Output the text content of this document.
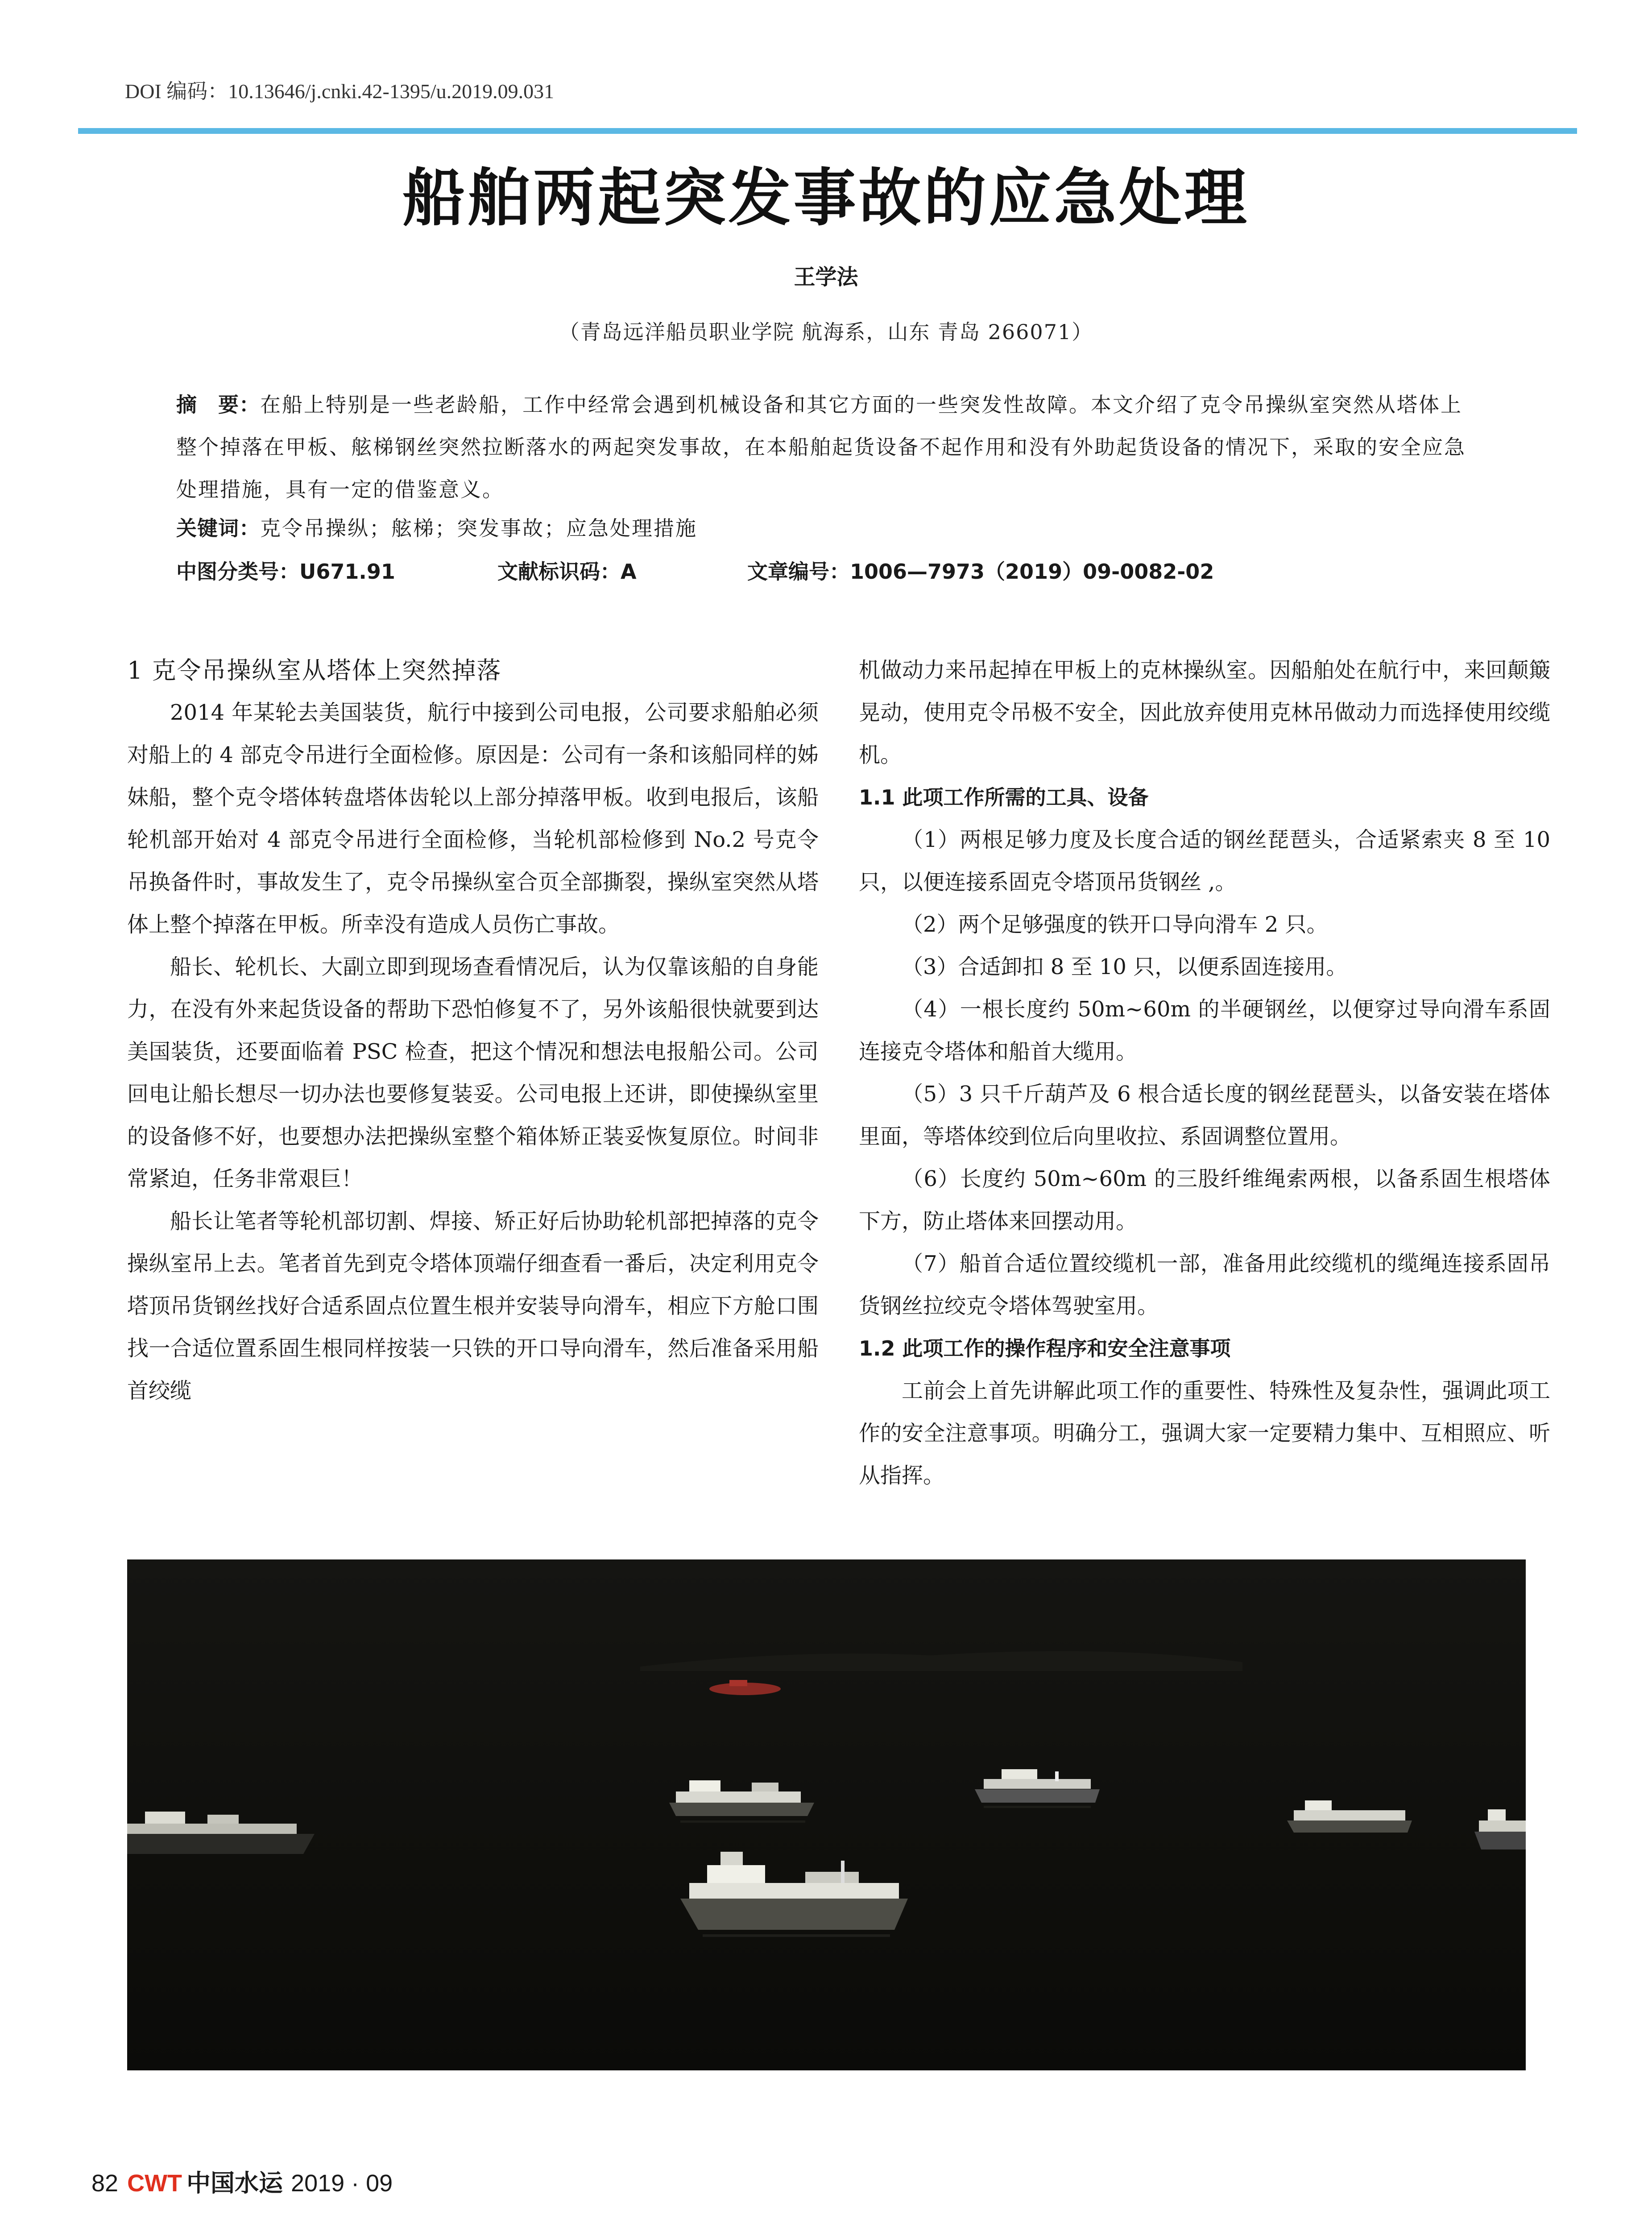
DOI 编码：10.13646/j.cnki.42-1395/u.2019.09.031
船舶两起突发事故的应急处理
王学法
（青岛远洋船员职业学院 航海系，山东 青岛 266071）
摘　要：在船上特别是一些老龄船，工作中经常会遇到机械设备和其它方面的一些突发性故障。本文介绍了克令吊操纵室突然从塔体上整个掉落在甲板、舷梯钢丝突然拉断落水的两起突发事故，在本船舶起货设备不起作用和没有外助起货设备的情况下，采取的安全应急处理措施，具有一定的借鉴意义。
关键词：克令吊操纵；舷梯；突发事故；应急处理措施
中图分类号：U671.91	文献标识码：A	文章编号：1006—7973（2019）09-0082-02
1 克令吊操纵室从塔体上突然掉落

2014 年某轮去美国装货，航行中接到公司电报，公司要求船舶必须对船上的 4 部克令吊进行全面检修。原因是：公司有一条和该船同样的姊妹船，整个克令塔体转盘塔体齿轮以上部分掉落甲板。收到电报后，该船轮机部开始对 4 部克令吊进行全面检修，当轮机部检修到 No.2 号克令吊换备件时，事故发生了，克令吊操纵室合页全部撕裂，操纵室突然从塔体上整个掉落在甲板。所幸没有造成人员伤亡事故。

船长、轮机长、大副立即到现场查看情况后，认为仅靠该船的自身能力，在没有外来起货设备的帮助下恐怕修复不了，另外该船很快就要到达美国装货，还要面临着 PSC 检查，把这个情况和想法电报船公司。公司回电让船长想尽一切办法也要修复装妥。公司电报上还讲，即使操纵室里的设备修不好，也要想办法把操纵室整个箱体矫正装妥恢复原位。时间非常紧迫，任务非常艰巨！

船长让笔者等轮机部切割、焊接、矫正好后协助轮机部把掉落的克令操纵室吊上去。笔者首先到克令塔体顶端仔细查看一番后，决定利用克令塔顶吊货钢丝找好合适系固点位置生根并安装导向滑车，相应下方舱口围找一合适位置系固生根同样按装一只铁的开口导向滑车，然后准备采用船首绞缆

机做动力来吊起掉在甲板上的克林操纵室。因船舶处在航行中，来回颠簸晃动，使用克令吊极不安全，因此放弃使用克林吊做动力而选择使用绞缆机。

1.1 此项工作所需的工具、设备

（1）两根足够力度及长度合适的钢丝琵琶头，合适紧索夹 8 至 10 只，以便连接系固克令塔顶吊货钢丝 ,。

（2）两个足够强度的铁开口导向滑车 2 只。

（3）合适卸扣 8 至 10 只，以便系固连接用。

（4）一根长度约 50m~60m 的半硬钢丝，以便穿过导向滑车系固连接克令塔体和船首大缆用。

（5）3 只千斤葫芦及 6 根合适长度的钢丝琵琶头，以备安装在塔体里面，等塔体绞到位后向里收拉、系固调整位置用。

（6）长度约 50m~60m 的三股纤维绳索两根，以备系固生根塔体下方，防止塔体来回摆动用。

（7）船首合适位置绞缆机一部，准备用此绞缆机的缆绳连接系固吊货钢丝拉绞克令塔体驾驶室用。

1.2 此项工作的操作程序和安全注意事项

工前会上首先讲解此项工作的重要性、特殊性及复杂性，强调此项工作的安全注意事项。明确分工，强调大家一定要精力集中、互相照应、听从指挥。

82 CWT 中国水运 2019 · 09
